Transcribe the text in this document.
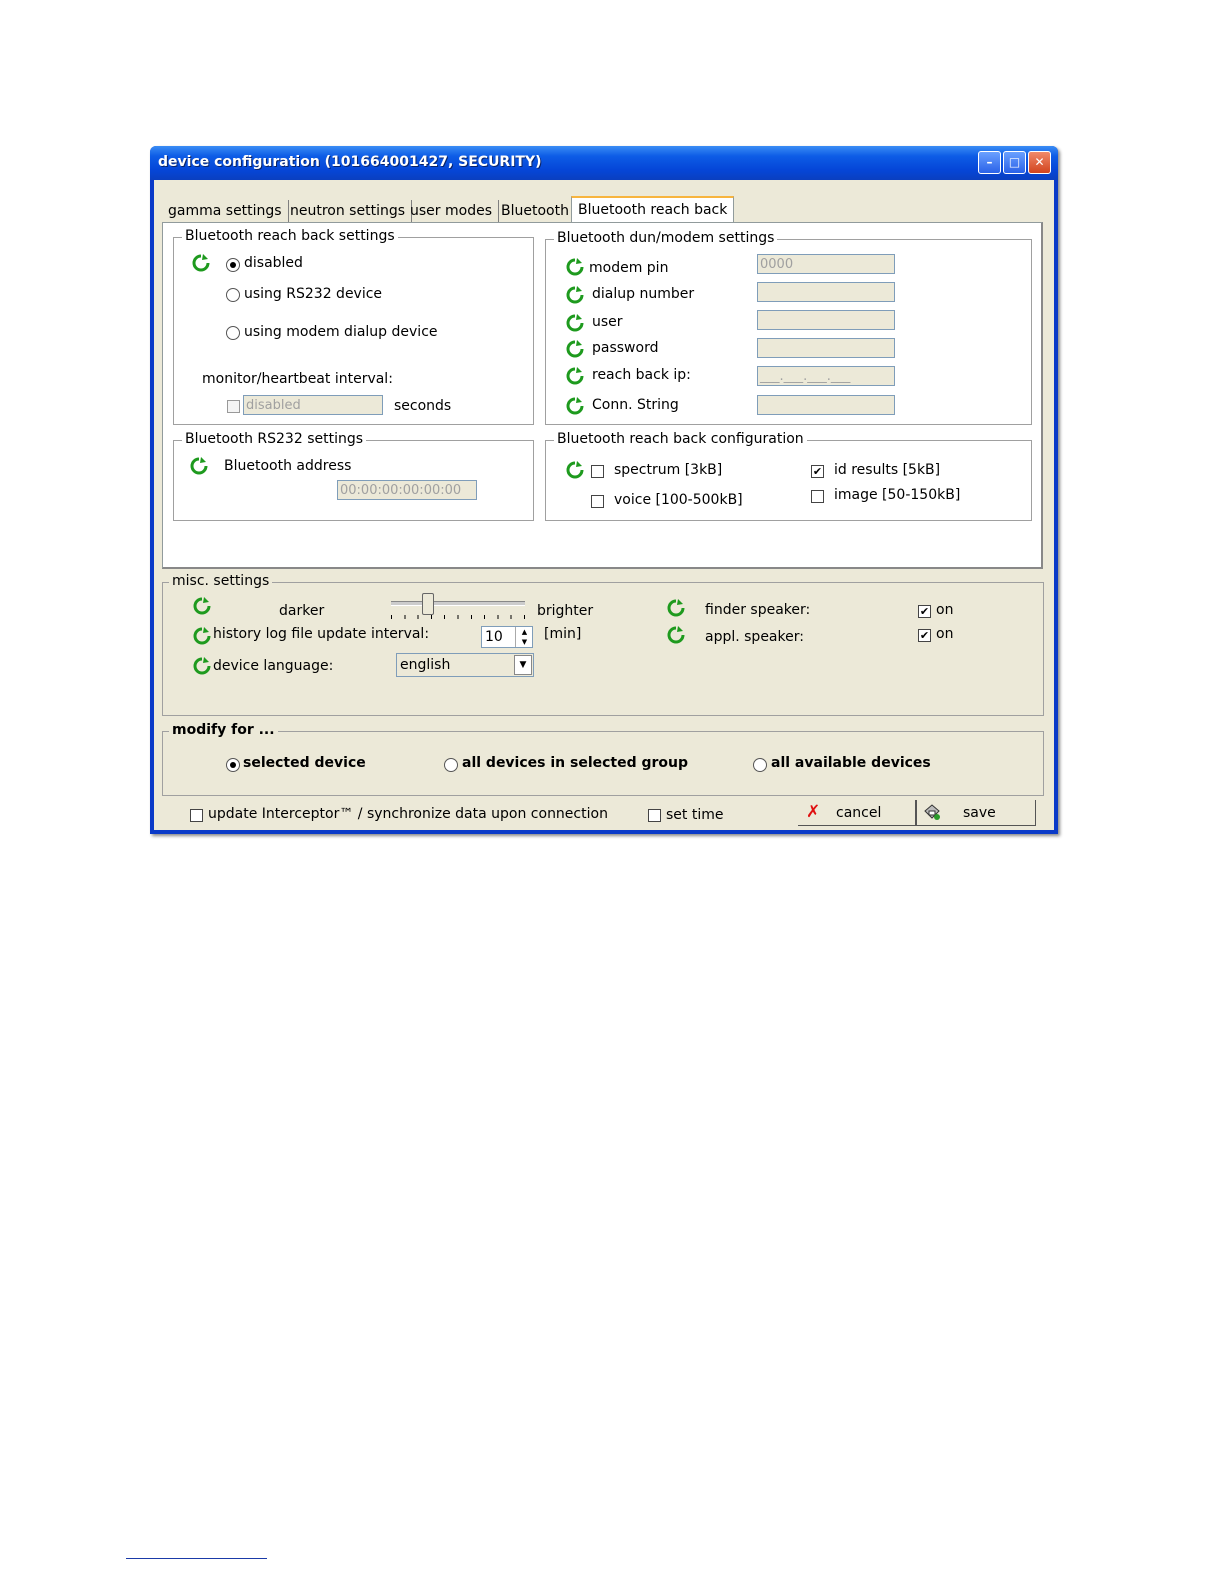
device configuration (101664001427, SECURITY)	–	□	✕
gamma settings neutron settings user modes Bluetooth Bluetooth reach back
Bluetooth reach back settings
disabled
using RS232 device
using modem dialup device
monitor/heartbeat interval:
disabled	seconds
Bluetooth dun/modem settings
modem pin	0000
dialup number
user
password
reach back ip:	___.___.___.___
Conn. String
Bluetooth RS232 settings
Bluetooth address
00:00:00:00:00:00
Bluetooth reach back configuration
spectrum [3kB]	✔ id results [5kB]
voice [100-500kB]	image [50-150kB]
misc. settings
darker	brighter
history log file update interval:	10	▲
▼	[min]
device language:	english	▼
finder speaker:	✔ on
appl. speaker:	✔ on
modify for ...
selected device	all devices in selected group	all available devices
update Interceptor™ / synchronize data upon connection	set time	✗ cancel	save
